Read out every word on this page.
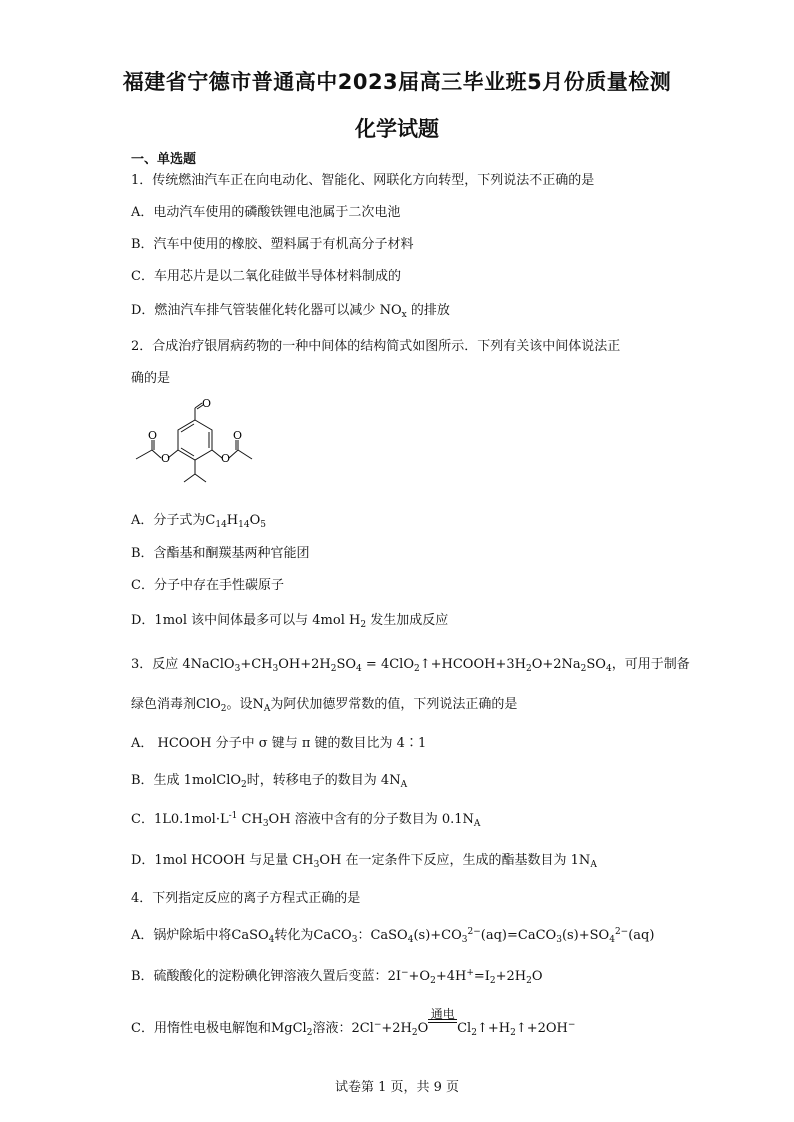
福建省宁德市普通高中2023届高三毕业班5月份质量检测
化学试题
一、单选题
1．传统燃油汽车正在向电动化、智能化、网联化方向转型，下列说法不正确的是
A．电动汽车使用的磷酸铁锂电池属于二次电池
B．汽车中使用的橡胶、塑料属于有机高分子材料
C．车用芯片是以二氧化硅做半导体材料制成的
D．燃油汽车排气管装催化转化器可以减少 $NO_x$ 的排放
2．合成治疗银屑病药物的一种中间体的结构简式如图所示．下列有关该中间体说法正
确的是
O
O
O
O
O
A．分子式为$C_{14}H_{14}O_5$
B．含酯基和酮羰基两种官能团
C．分子中存在手性碳原子
D．1mol 该中间体最多可以与 4mol $H_2$ 发生加成反应
3．反应 $4NaClO_3+CH_3OH+2H_2SO_4$ = $4ClO_2↑+HCOOH+3H_2O+2Na_2SO_4$，可用于制备
绿色消毒剂ClO$_2$。设$N_A$为阿伏加德罗常数的值，下列说法正确的是
A． HCOOH 分子中 σ 键与 π 键的数目比为 4∶1
B．生成 1molClO$_2$时，转移电子的数目为 $4N_A$
C．$1L0.1mol\cdot L^{-1}$ $CH_3OH$ 溶液中含有的分子数目为 $0.1N_A$
D．1mol HCOOH 与足量 $CH_3OH$ 在一定条件下反应，生成的酯基数目为 $1N_A$
4．下列指定反应的离子方程式正确的是
A．锅炉除垢中将CaSO$_4$转化为CaCO$_3$：$CaSO_4(s)+CO_3^{2-}(aq)=CaCO_3(s)+SO_4^{2-}(aq)$
B．硫酸酸化的淀粉碘化钾溶液久置后变蓝：$2I^-+O_2+4H^+=I_2+2H_2O$
C．用惰性电极电解饱和MgCl$_2$溶液：$2Cl^-+2H_2O$
通电
$Cl_2↑+H_2↑+2OH^-$
试卷第 1 页，共 9 页
